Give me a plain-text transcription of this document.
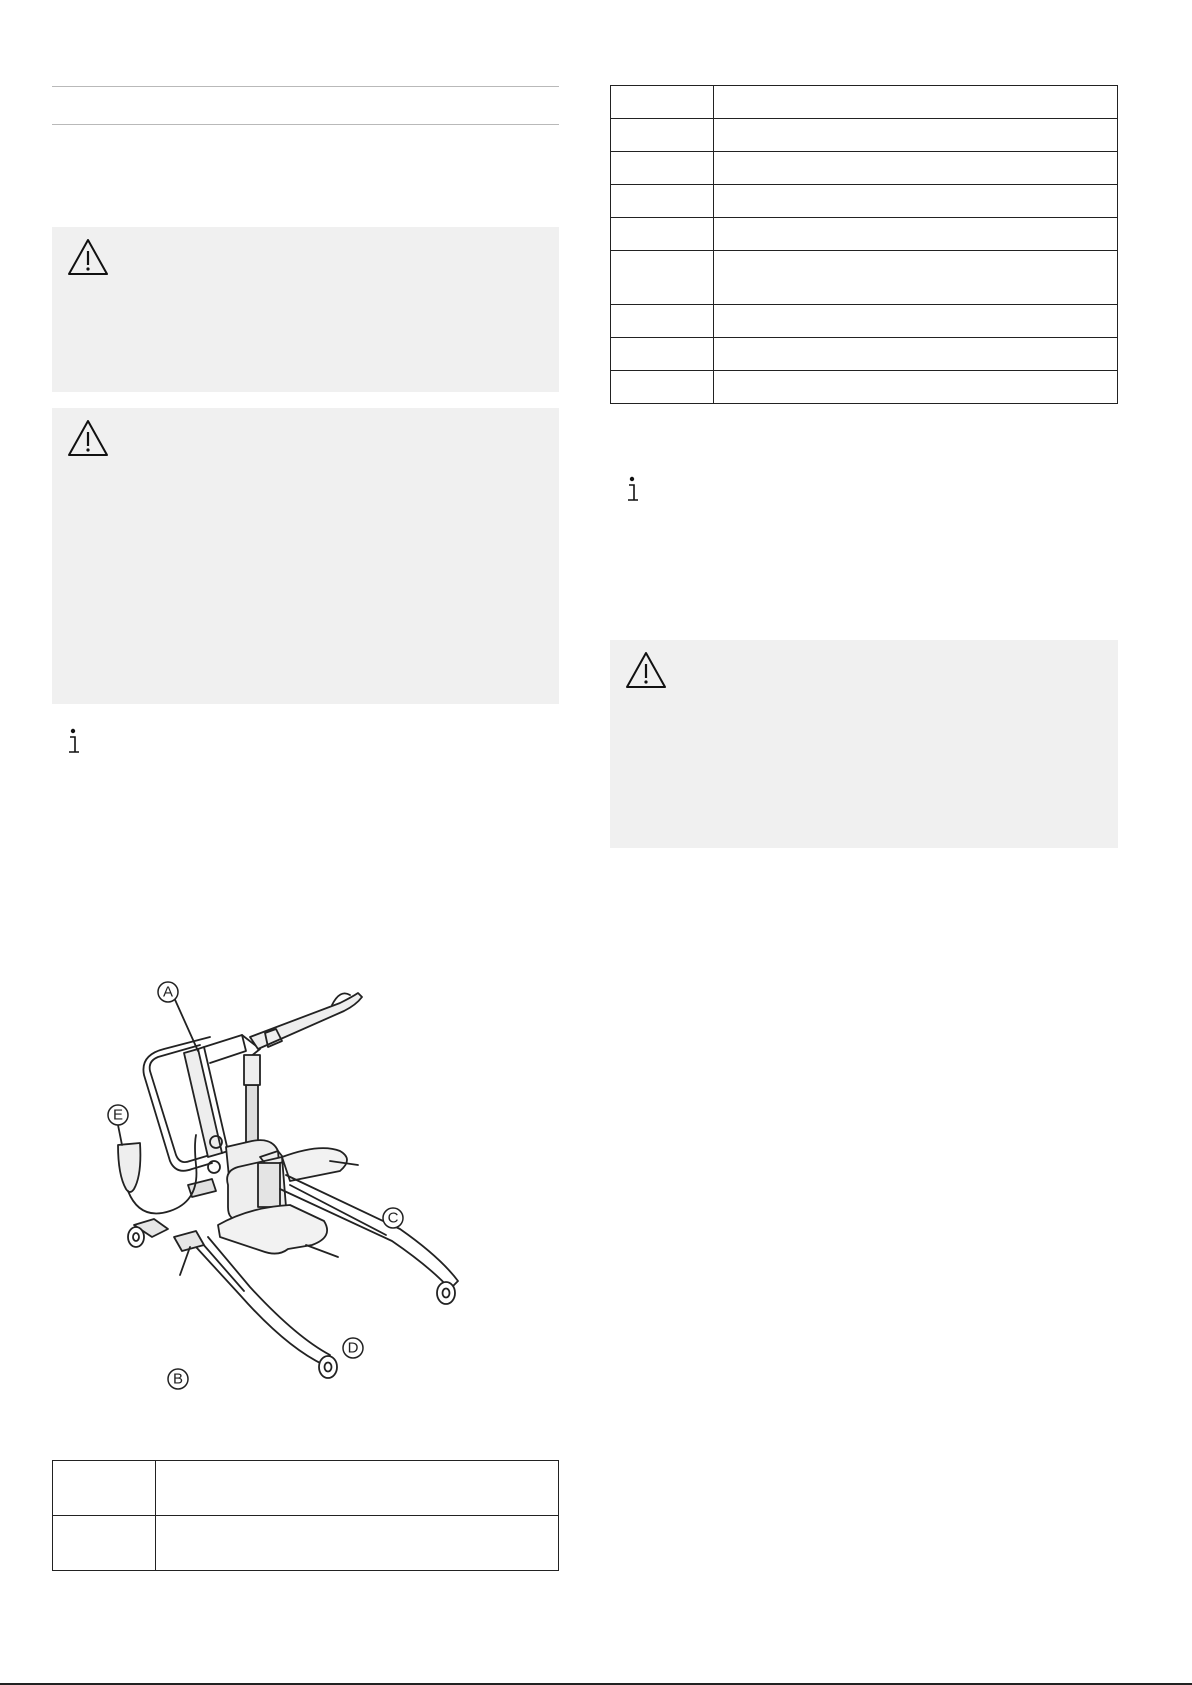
A
E
C
D
B
